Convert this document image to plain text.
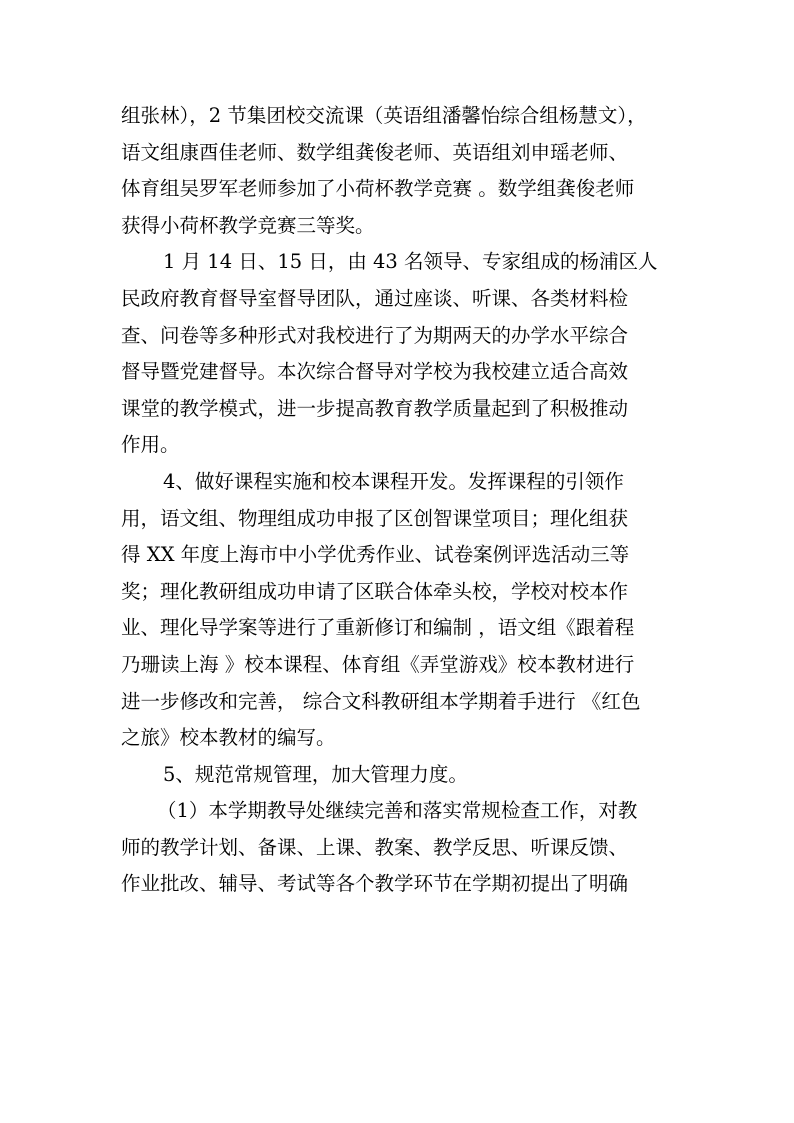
组张林），2 节集团校交流课（英语组潘馨怡综合组杨慧文），
语文组康酉佳老师、数学组龚俊老师、英语组刘申瑶老师、
体育组吴罗军老师参加了小荷杯教学竞赛 。数学组龚俊老师
获得小荷杯教学竞赛三等奖。
1 月 14 日、15 日，由 43 名领导、专家组成的杨浦区人
民政府教育督导室督导团队，通过座谈、听课、各类材料检
查、问卷等多种形式对我校进行了为期两天的办学水平综合
督导暨党建督导。本次综合督导对学校为我校建立适合高效
课堂的教学模式，进一步提高教育教学质量起到了积极推动
作用。
4、做好课程实施和校本课程开发。发挥课程的引领作
用，语文组、物理组成功申报了区创智课堂项目；理化组获
得 XX 年度上海市中小学优秀作业、试卷案例评选活动三等
奖；理化教研组成功申请了区联合体牵头校，学校对校本作
业、理化导学案等进行了重新修订和编制 ，语文组《跟着程
乃珊读上海 》校本课程、体育组《弄堂游戏》校本教材进行
进一步修改和完善， 综合文科教研组本学期着手进行 《红色
之旅》校本教材的编写。
5、规范常规管理，加大管理力度。
（1）本学期教导处继续完善和落实常规检查工作，对教
师的教学计划、备课、上课、教案、教学反思、听课反馈、
作业批改、辅导、考试等各个教学环节在学期初提出了明确
